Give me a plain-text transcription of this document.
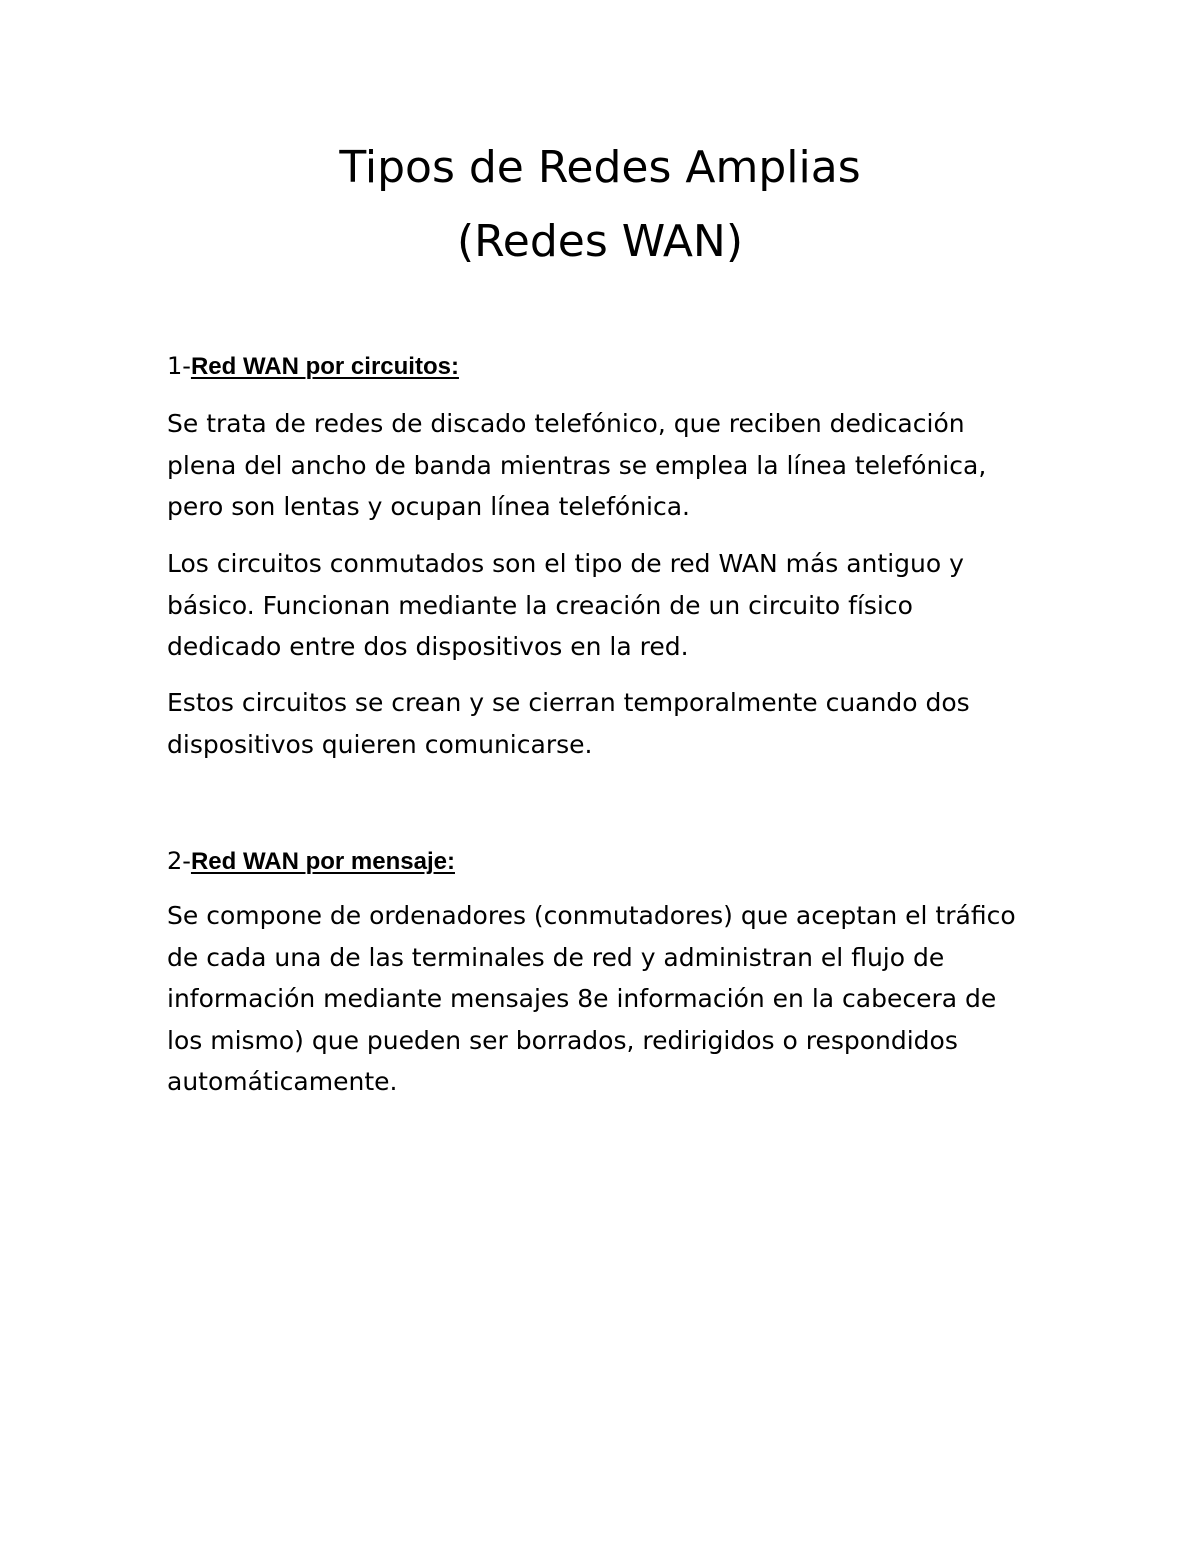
Tipos de Redes Amplias
(Redes WAN)
1-Red WAN por circuitos:

Se trata de redes de discado telefónico, que reciben dedicación
plena del ancho de banda mientras se emplea la línea telefónica,
pero son lentas y ocupan línea telefónica.

Los circuitos conmutados son el tipo de red WAN más antiguo y
básico. Funcionan mediante la creación de un circuito físico
dedicado entre dos dispositivos en la red.

Estos circuitos se crean y se cierran temporalmente cuando dos
dispositivos quieren comunicarse.

2-Red WAN por mensaje:

Se compone de ordenadores (conmutadores) que aceptan el tráfico
de cada una de las terminales de red y administran el flujo de
información mediante mensajes 8e información en la cabecera de
los mismo) que pueden ser borrados, redirigidos o respondidos
automáticamente.
